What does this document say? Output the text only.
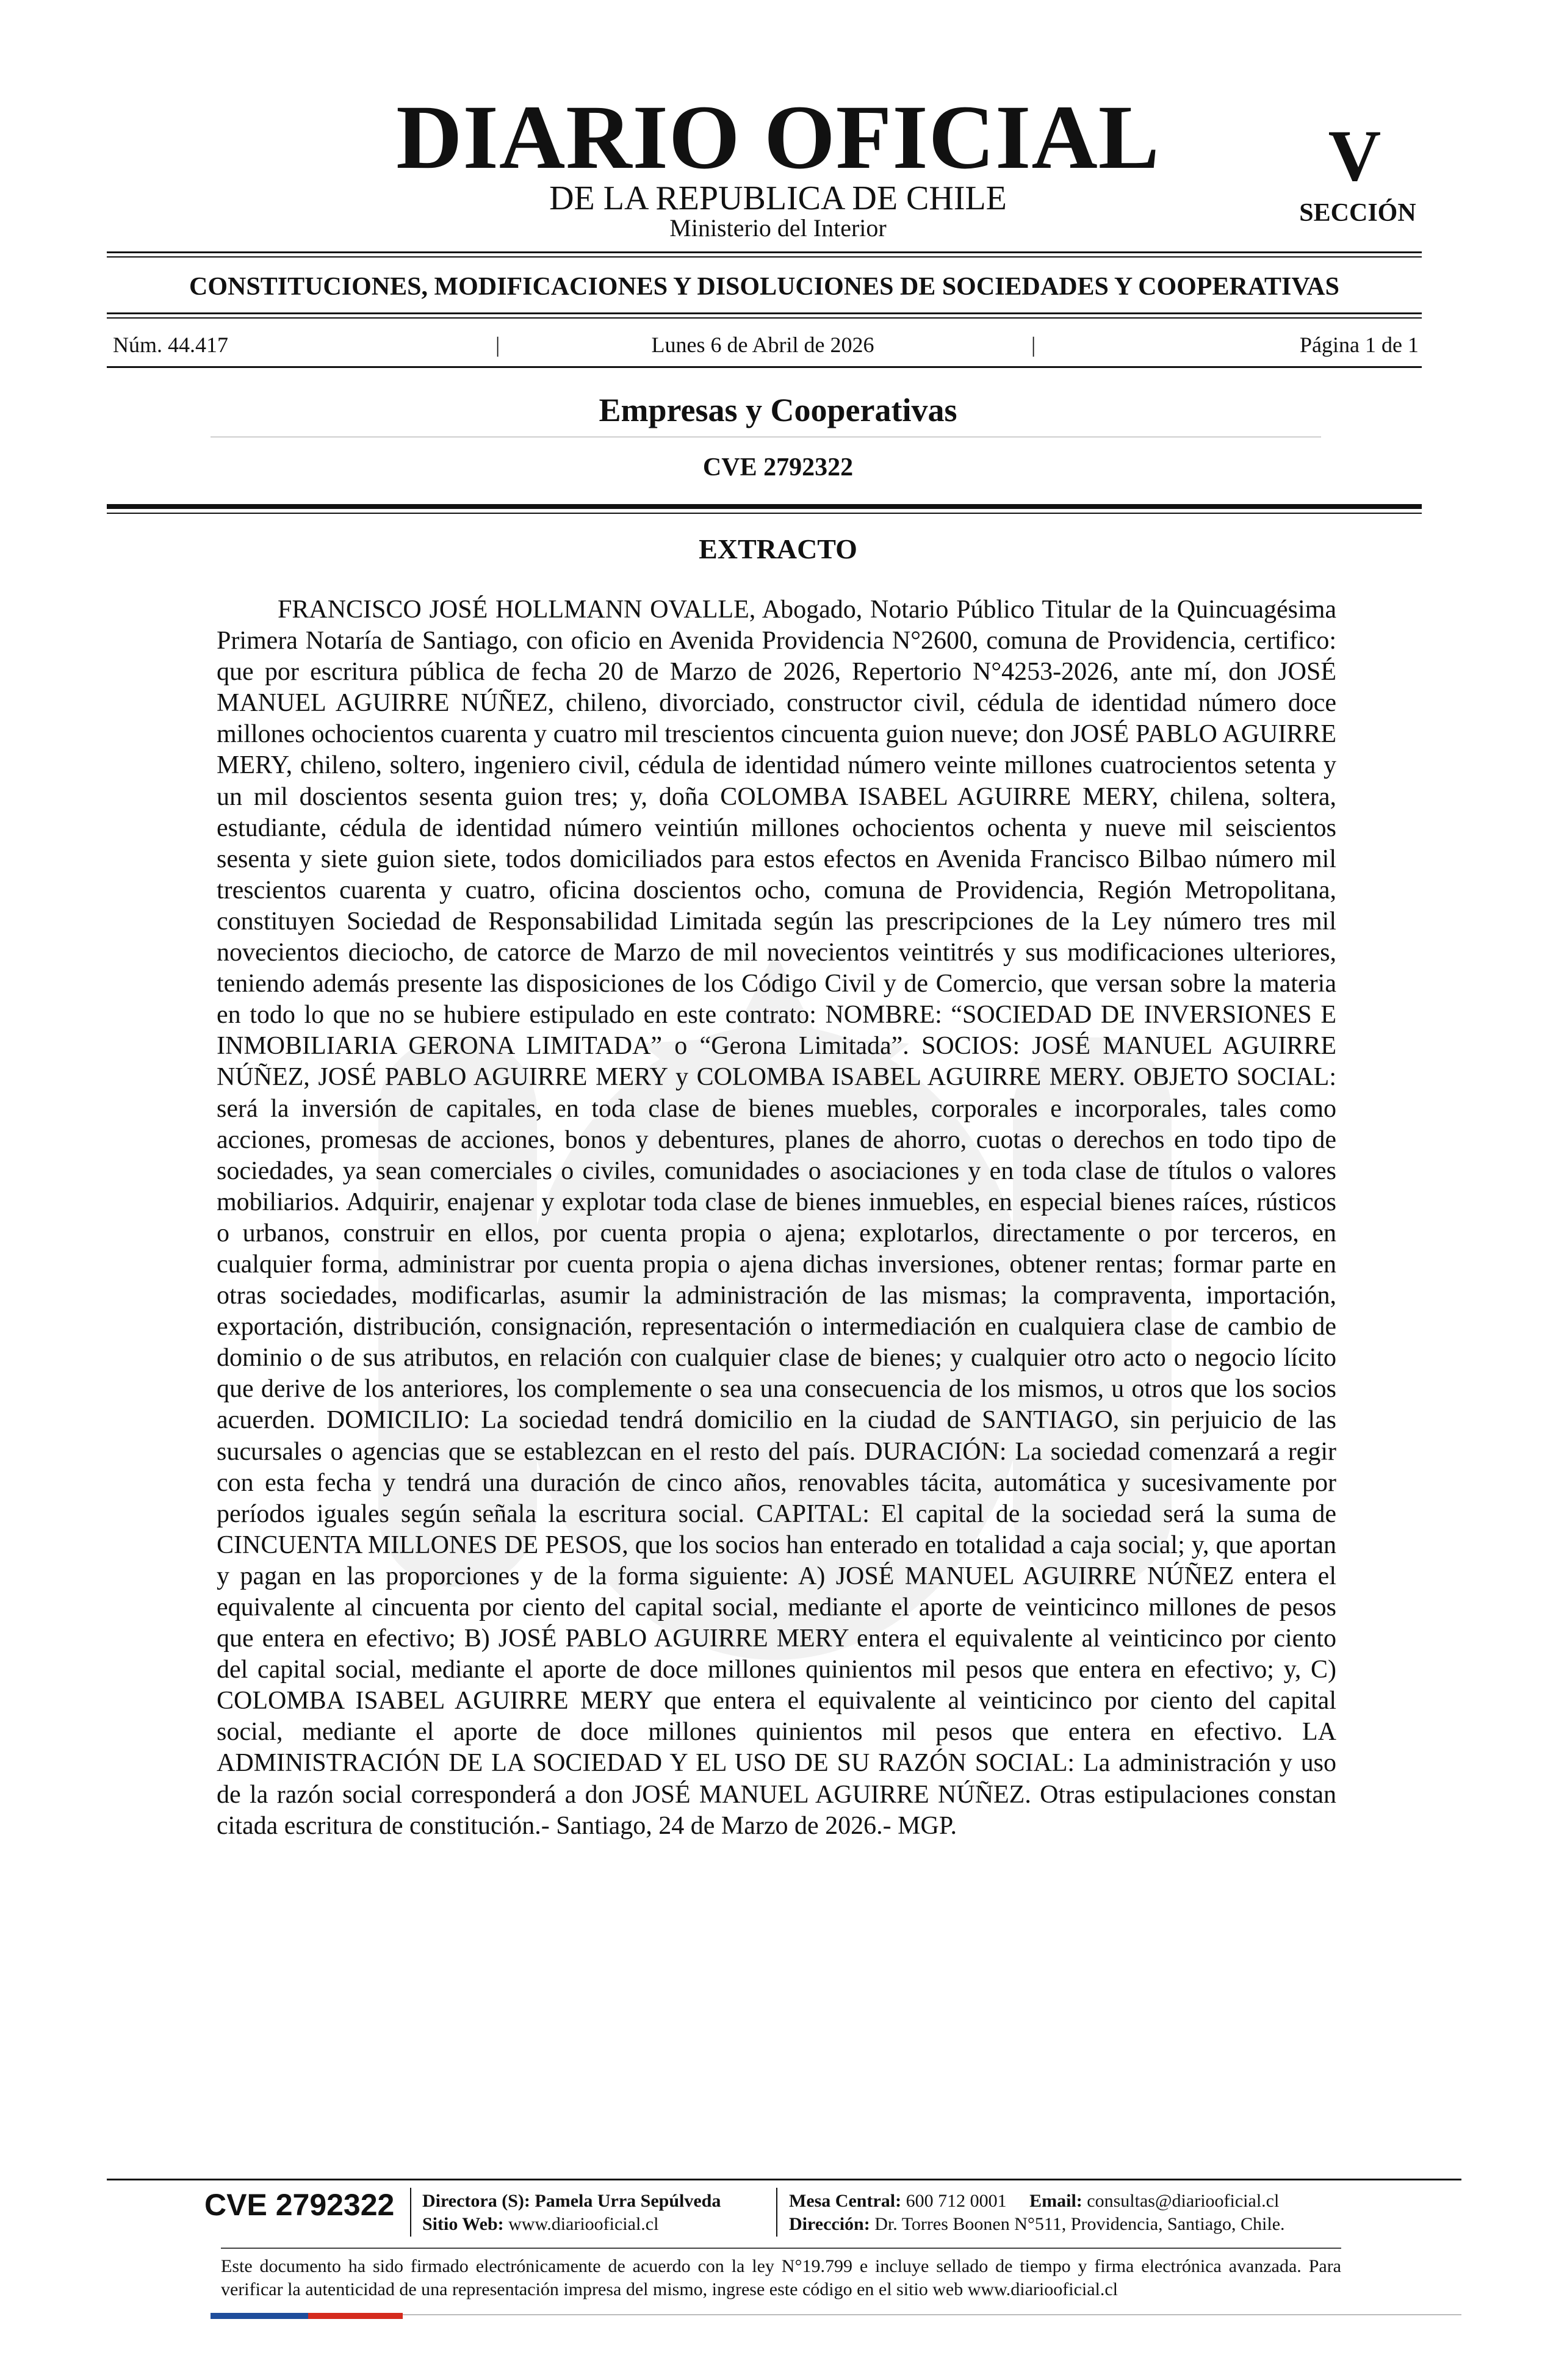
DIARIO OFICIAL
DE LA REPUBLICA DE CHILE
Ministerio del Interior
V
SECCIÓN
CONSTITUCIONES, MODIFICACIONES Y DISOLUCIONES DE SOCIEDADES Y COOPERATIVAS
Núm. 44.417	|	Lunes 6 de Abril de 2026	|	Página 1 de 1
Empresas y Cooperativas
CVE 2792322
EXTRACTO
FRANCISCO JOSÉ HOLLMANN OVALLE, Abogado, Notario Público Titular de la Quincuagésima Primera Notaría de Santiago, con oficio en Avenida Providencia N°2600, comuna de Providencia, certifico: que por escritura pública de fecha 20 de Marzo de 2026, Repertorio N°4253-2026, ante mí, don JOSÉ MANUEL AGUIRRE NÚÑEZ, chileno, divorciado, constructor civil, cédula de identidad número doce millones ochocientos cuarenta y cuatro mil trescientos cincuenta guion nueve; don JOSÉ PABLO AGUIRRE MERY, chileno, soltero, ingeniero civil, cédula de identidad número veinte millones cuatrocientos setenta y un mil doscientos sesenta guion tres; y, doña COLOMBA ISABEL AGUIRRE MERY, chilena, soltera, estudiante, cédula de identidad número veintiún millones ochocientos ochenta y nueve mil seiscientos sesenta y siete guion siete, todos domiciliados para estos efectos en Avenida Francisco Bilbao número mil trescientos cuarenta y cuatro, oficina doscientos ocho, comuna de Providencia, Región Metropolitana, constituyen Sociedad de Responsabilidad Limitada según las prescripciones de la Ley número tres mil novecientos dieciocho, de catorce de Marzo de mil novecientos veintitrés y sus modificaciones ulteriores, teniendo además presente las disposiciones de los Código Civil y de Comercio, que versan sobre la materia en todo lo que no se hubiere estipulado en este contrato: NOMBRE: “SOCIEDAD DE INVERSIONES E INMOBILIARIA GERONA LIMITADA” o “Gerona Limitada”. SOCIOS: JOSÉ MANUEL AGUIRRE NÚÑEZ, JOSÉ PABLO AGUIRRE MERY y COLOMBA ISABEL AGUIRRE MERY. OBJETO SOCIAL: será la inversión de capitales, en toda clase de bienes muebles, corporales e incorporales, tales como acciones, promesas de acciones, bonos y debentures, planes de ahorro, cuotas o derechos en todo tipo de sociedades, ya sean comerciales o civiles, comunidades o asociaciones y en toda clase de títulos o valores mobiliarios. Adquirir, enajenar y explotar toda clase de bienes inmuebles, en especial bienes raíces, rústicos o urbanos, construir en ellos, por cuenta propia o ajena; explotarlos, directamente o por terceros, en cualquier forma, administrar por cuenta propia o ajena dichas inversiones, obtener rentas; formar parte en otras sociedades, modificarlas, asumir la administración de las mismas; la compraventa, importación, exportación, distribución, consignación, representación o intermediación en cualquiera clase de cambio de dominio o de sus atributos, en relación con cualquier clase de bienes; y cualquier otro acto o negocio lícito que derive de los anteriores, los complemente o sea una consecuencia de los mismos, u otros que los socios acuerden. DOMICILIO: La sociedad tendrá domicilio en la ciudad de SANTIAGO, sin perjuicio de las sucursales o agencias que se establezcan en el resto del país. DURACIÓN: La sociedad comenzará a regir con esta fecha y tendrá una duración de cinco años, renovables tácita, automática y sucesivamente por períodos iguales según señala la escritura social. CAPITAL: El capital de la sociedad será la suma de CINCUENTA MILLONES DE PESOS, que los socios han enterado en totalidad a caja social; y, que aportan y pagan en las proporciones y de la forma siguiente: A) JOSÉ MANUEL AGUIRRE NÚÑEZ entera el equivalente al cincuenta por ciento del capital social, mediante el aporte de veinticinco millones de pesos que entera en efectivo; B) JOSÉ PABLO AGUIRRE MERY entera el equivalente al veinticinco por ciento del capital social, mediante el aporte de doce millones quinientos mil pesos que entera en efectivo; y, C) COLOMBA ISABEL AGUIRRE MERY que entera el equivalente al veinticinco por ciento del capital social, mediante el aporte de doce millones quinientos mil pesos que entera en efectivo. LA ADMINISTRACIÓN DE LA SOCIEDAD Y EL USO DE SU RAZÓN SOCIAL: La administración y uso de la razón social corresponderá a don JOSÉ MANUEL AGUIRRE NÚÑEZ. Otras estipulaciones constan citada escritura de constitución.- Santiago, 24 de Marzo de 2026.- MGP.
CVE 2792322 Directora (S): Pamela Urra Sepúlveda
Sitio Web: www.diariooficial.cl
Mesa Central: 600 712 0001 Email: consultas@diariooficial.cl
Dirección: Dr. Torres Boonen N°511, Providencia, Santiago, Chile.
Este documento ha sido firmado electrónicamente de acuerdo con la ley N°19.799 e incluye sellado de tiempo y firma electrónica avanzada. Para verificar la autenticidad de una representación impresa del mismo, ingrese este código en el sitio web www.diariooficial.cl
